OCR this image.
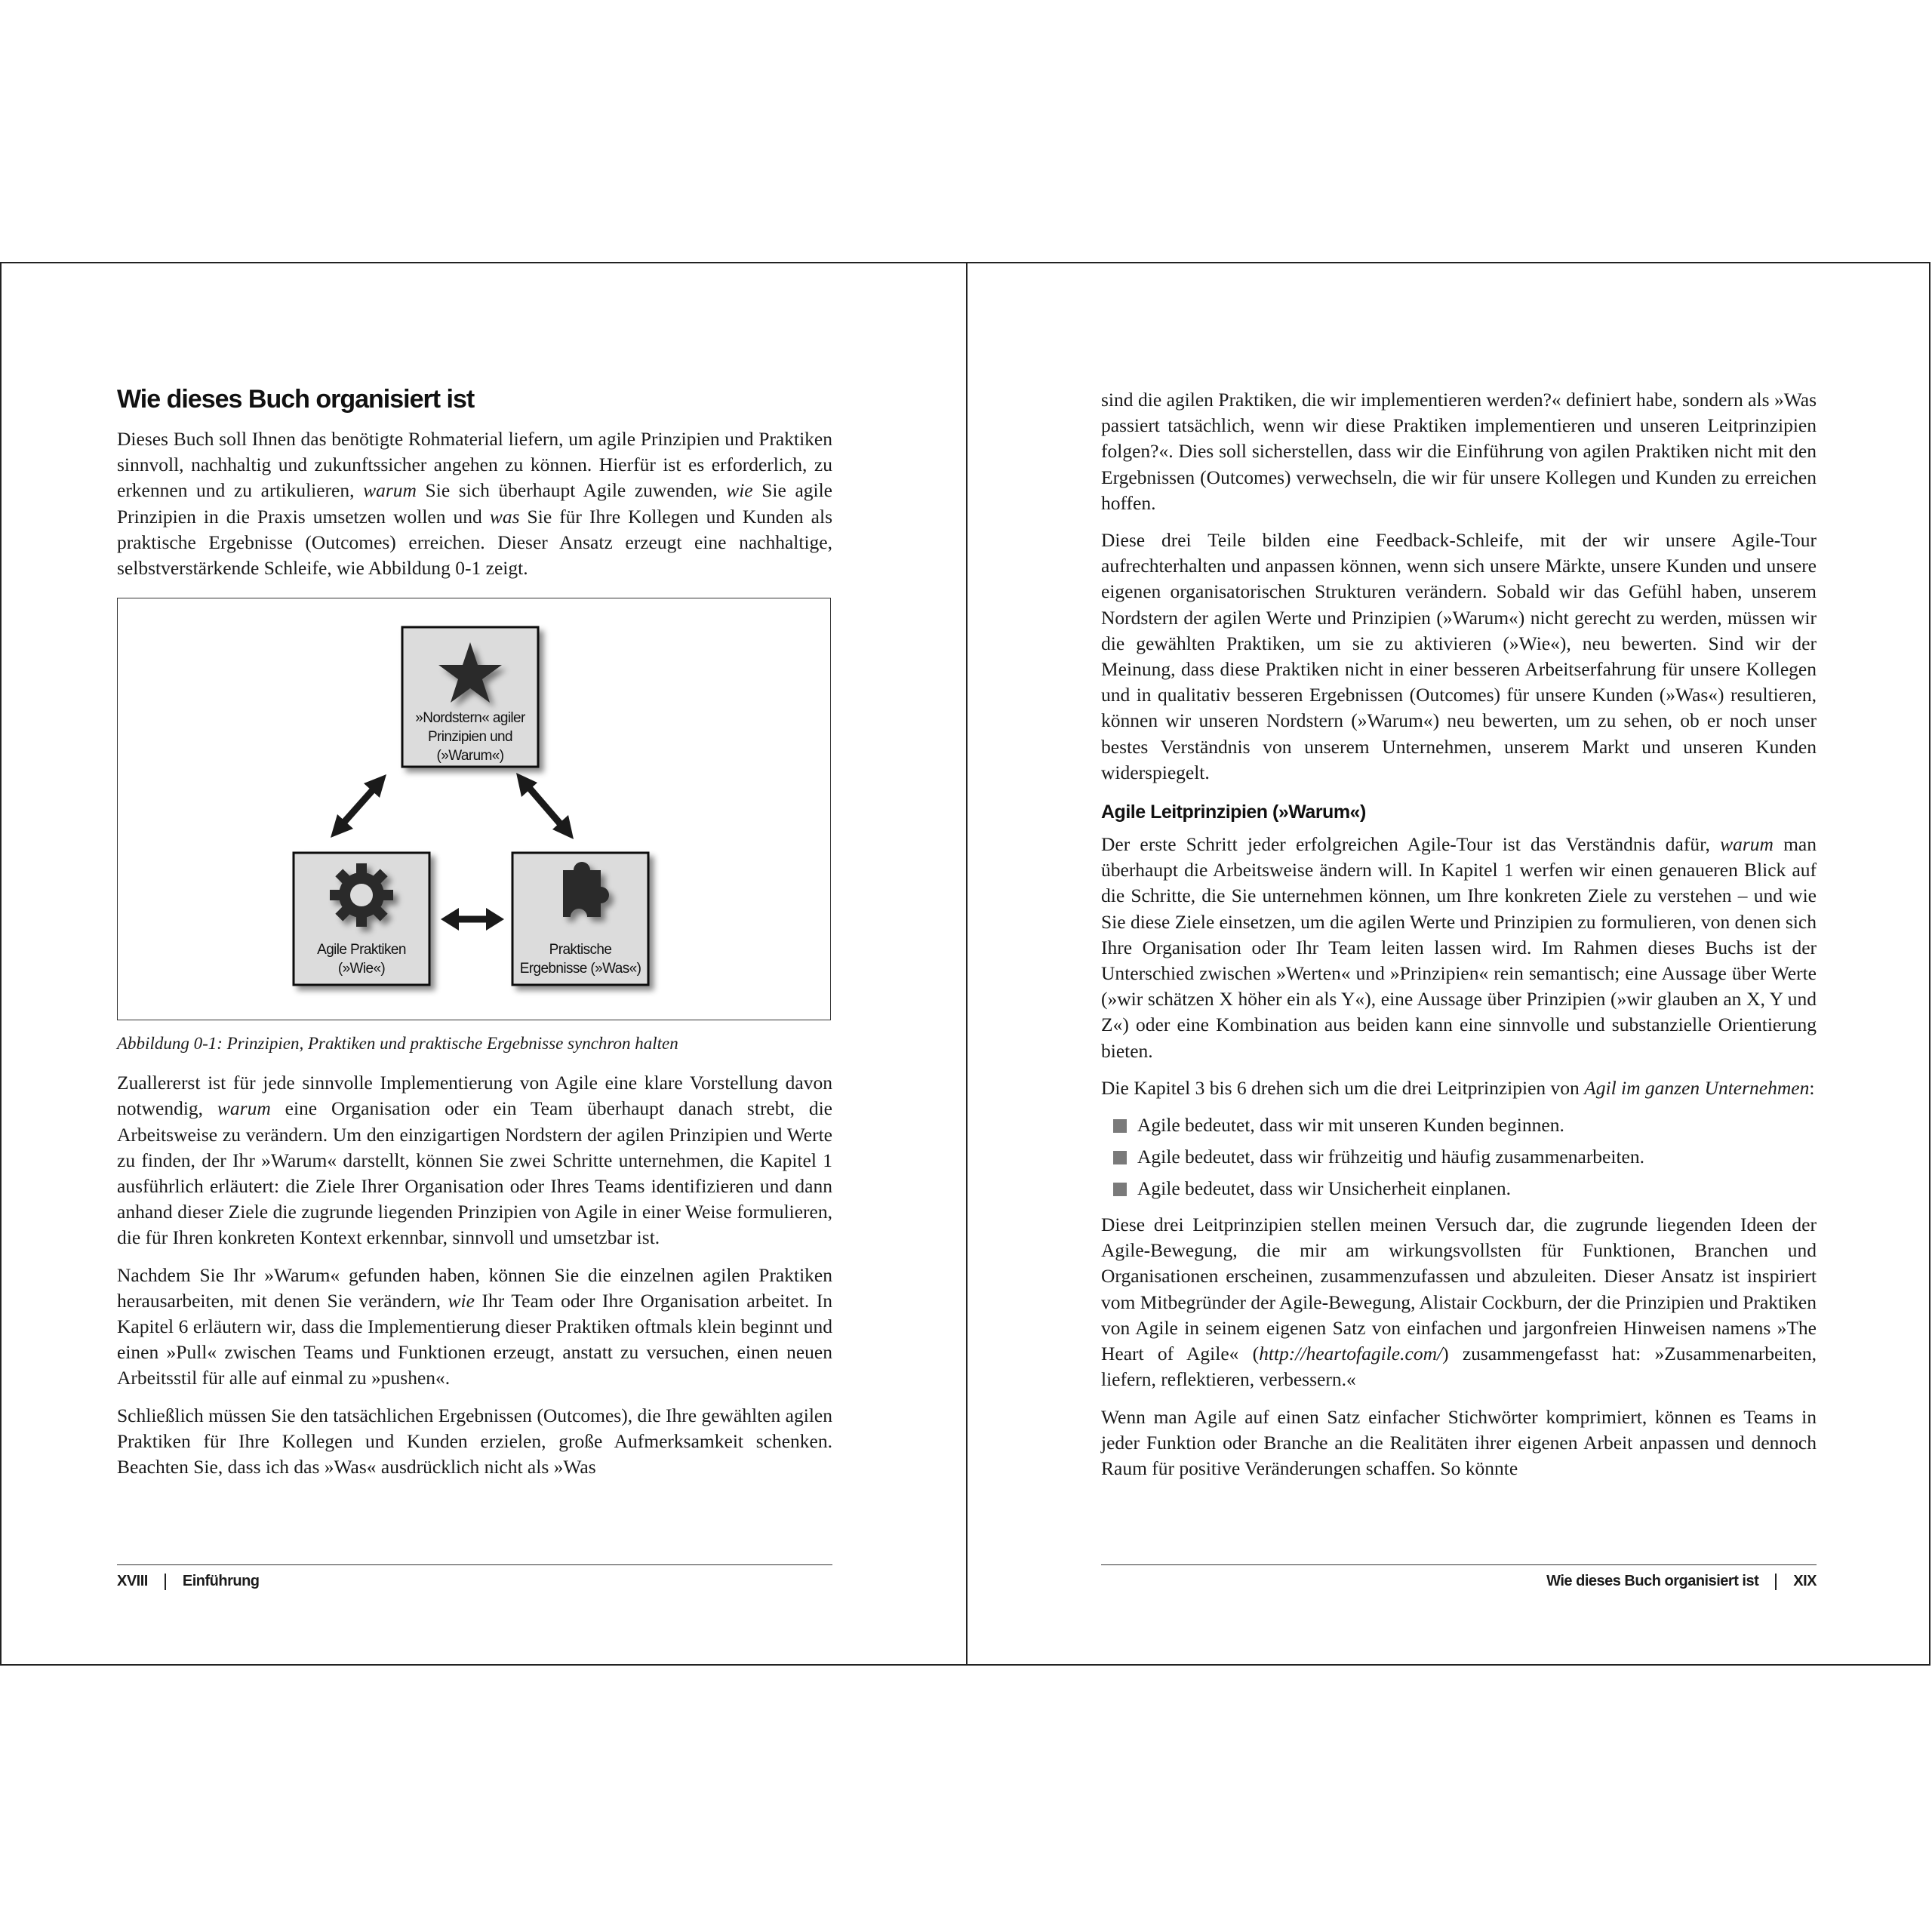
Wie dieses Buch organisiert ist

Dieses Buch soll Ihnen das benötigte Rohmaterial liefern, um agile Prinzipien und Praktiken sinnvoll, nachhaltig und zukunftssicher angehen zu können. Hierfür ist es erforderlich, zu erkennen und zu artikulieren, warum Sie sich überhaupt Agile zuwenden, wie Sie agile Prinzipien in die Praxis umsetzen wollen und was Sie für Ihre Kollegen und Kunden als praktische Ergebnisse (Outcomes) erreichen. Dieser Ansatz erzeugt eine nachhaltige, selbstverstärkende Schleife, wie Abbildung 0-1 zeigt.

»Nordstern« agiler Prinzipien und (»Warum«)
Agile Praktiken (»Wie«)
Praktische Ergebnisse (»Was«)

Abbildung 0-1: Prinzipien, Praktiken und praktische Ergebnisse synchron halten

Zuallererst ist für jede sinnvolle Implementierung von Agile eine klare Vorstellung davon notwendig, warum eine Organisation oder ein Team überhaupt danach strebt, die Arbeitsweise zu verändern. Um den einzigartigen Nordstern der agilen Prinzipien und Werte zu finden, der Ihr »Warum« darstellt, können Sie zwei Schritte unternehmen, die Kapitel 1 ausführlich erläutert: die Ziele Ihrer Organisation oder Ihres Teams identifizieren und dann anhand dieser Ziele die zugrunde liegenden Prinzipien von Agile in einer Weise formulieren, die für Ihren konkreten Kontext erkennbar, sinnvoll und umsetzbar ist.

Nachdem Sie Ihr »Warum« gefunden haben, können Sie die einzelnen agilen Praktiken herausarbeiten, mit denen Sie verändern, wie Ihr Team oder Ihre Organisation arbeitet. In Kapitel 6 erläutern wir, dass die Implementierung dieser Praktiken oftmals klein beginnt und einen »Pull« zwischen Teams und Funktionen erzeugt, anstatt zu versuchen, einen neuen Arbeitsstil für alle auf einmal zu »pushen«.

Schließlich müssen Sie den tatsächlichen Ergebnissen (Outcomes), die Ihre gewählten agilen Praktiken für Ihre Kollegen und Kunden erzielen, große Aufmerksamkeit schenken. Beachten Sie, dass ich das »Was« ausdrücklich nicht als »Was

XVIII Einführung

sind die agilen Praktiken, die wir implementieren werden?« definiert habe, sondern als »Was passiert tatsächlich, wenn wir diese Praktiken implementieren und unseren Leitprinzipien folgen?«. Dies soll sicherstellen, dass wir die Einführung von agilen Praktiken nicht mit den Ergebnissen (Outcomes) verwechseln, die wir für unsere Kollegen und Kunden zu erreichen hoffen.

Diese drei Teile bilden eine Feedback-Schleife, mit der wir unsere Agile-Tour aufrechterhalten und anpassen können, wenn sich unsere Märkte, unsere Kunden und unsere eigenen organisatorischen Strukturen verändern. Sobald wir das Gefühl haben, unserem Nordstern der agilen Werte und Prinzipien (»Warum«) nicht gerecht zu werden, müssen wir die gewählten Praktiken, um sie zu aktivieren (»Wie«), neu bewerten. Sind wir der Meinung, dass diese Praktiken nicht in einer besseren Arbeitserfahrung für unsere Kollegen und in qualitativ besseren Ergebnissen (Outcomes) für unsere Kunden (»Was«) resultieren, können wir unseren Nordstern (»Warum«) neu bewerten, um zu sehen, ob er noch unser bestes Verständnis von unserem Unternehmen, unserem Markt und unseren Kunden widerspiegelt.

Agile Leitprinzipien (»Warum«)

Der erste Schritt jeder erfolgreichen Agile-Tour ist das Verständnis dafür, warum man überhaupt die Arbeitsweise ändern will. In Kapitel 1 werfen wir einen genaueren Blick auf die Schritte, die Sie unternehmen können, um Ihre konkreten Ziele zu verstehen – und wie Sie diese Ziele einsetzen, um die agilen Werte und Prinzipien zu formulieren, von denen sich Ihre Organisation oder Ihr Team leiten lassen wird. Im Rahmen dieses Buchs ist der Unterschied zwischen »Werten« und »Prinzipien« rein semantisch; eine Aussage über Werte (»wir schätzen X höher ein als Y«), eine Aussage über Prinzipien (»wir glauben an X, Y und Z«) oder eine Kombination aus beiden kann eine sinnvolle und substanzielle Orientierung bieten.

Die Kapitel 3 bis 6 drehen sich um die drei Leitprinzipien von Agil im ganzen Unternehmen:

Agile bedeutet, dass wir mit unseren Kunden beginnen.
Agile bedeutet, dass wir frühzeitig und häufig zusammenarbeiten.
Agile bedeutet, dass wir Unsicherheit einplanen.

Diese drei Leitprinzipien stellen meinen Versuch dar, die zugrunde liegenden Ideen der Agile-Bewegung, die mir am wirkungsvollsten für Funktionen, Branchen und Organisationen erscheinen, zusammenzufassen und abzuleiten. Dieser Ansatz ist inspiriert vom Mitbegründer der Agile-Bewegung, Alistair Cockburn, der die Prinzipien und Praktiken von Agile in seinem eigenen Satz von einfachen und jargonfreien Hinweisen namens »The Heart of Agile« (http://heartofagile.com/) zusammengefasst hat: »Zusammenarbeiten, liefern, reflektieren, verbessern.«

Wenn man Agile auf einen Satz einfacher Stichwörter komprimiert, können es Teams in jeder Funktion oder Branche an die Realitäten ihrer eigenen Arbeit anpassen und dennoch Raum für positive Veränderungen schaffen. So könnte

Wie dieses Buch organisiert ist XIX
